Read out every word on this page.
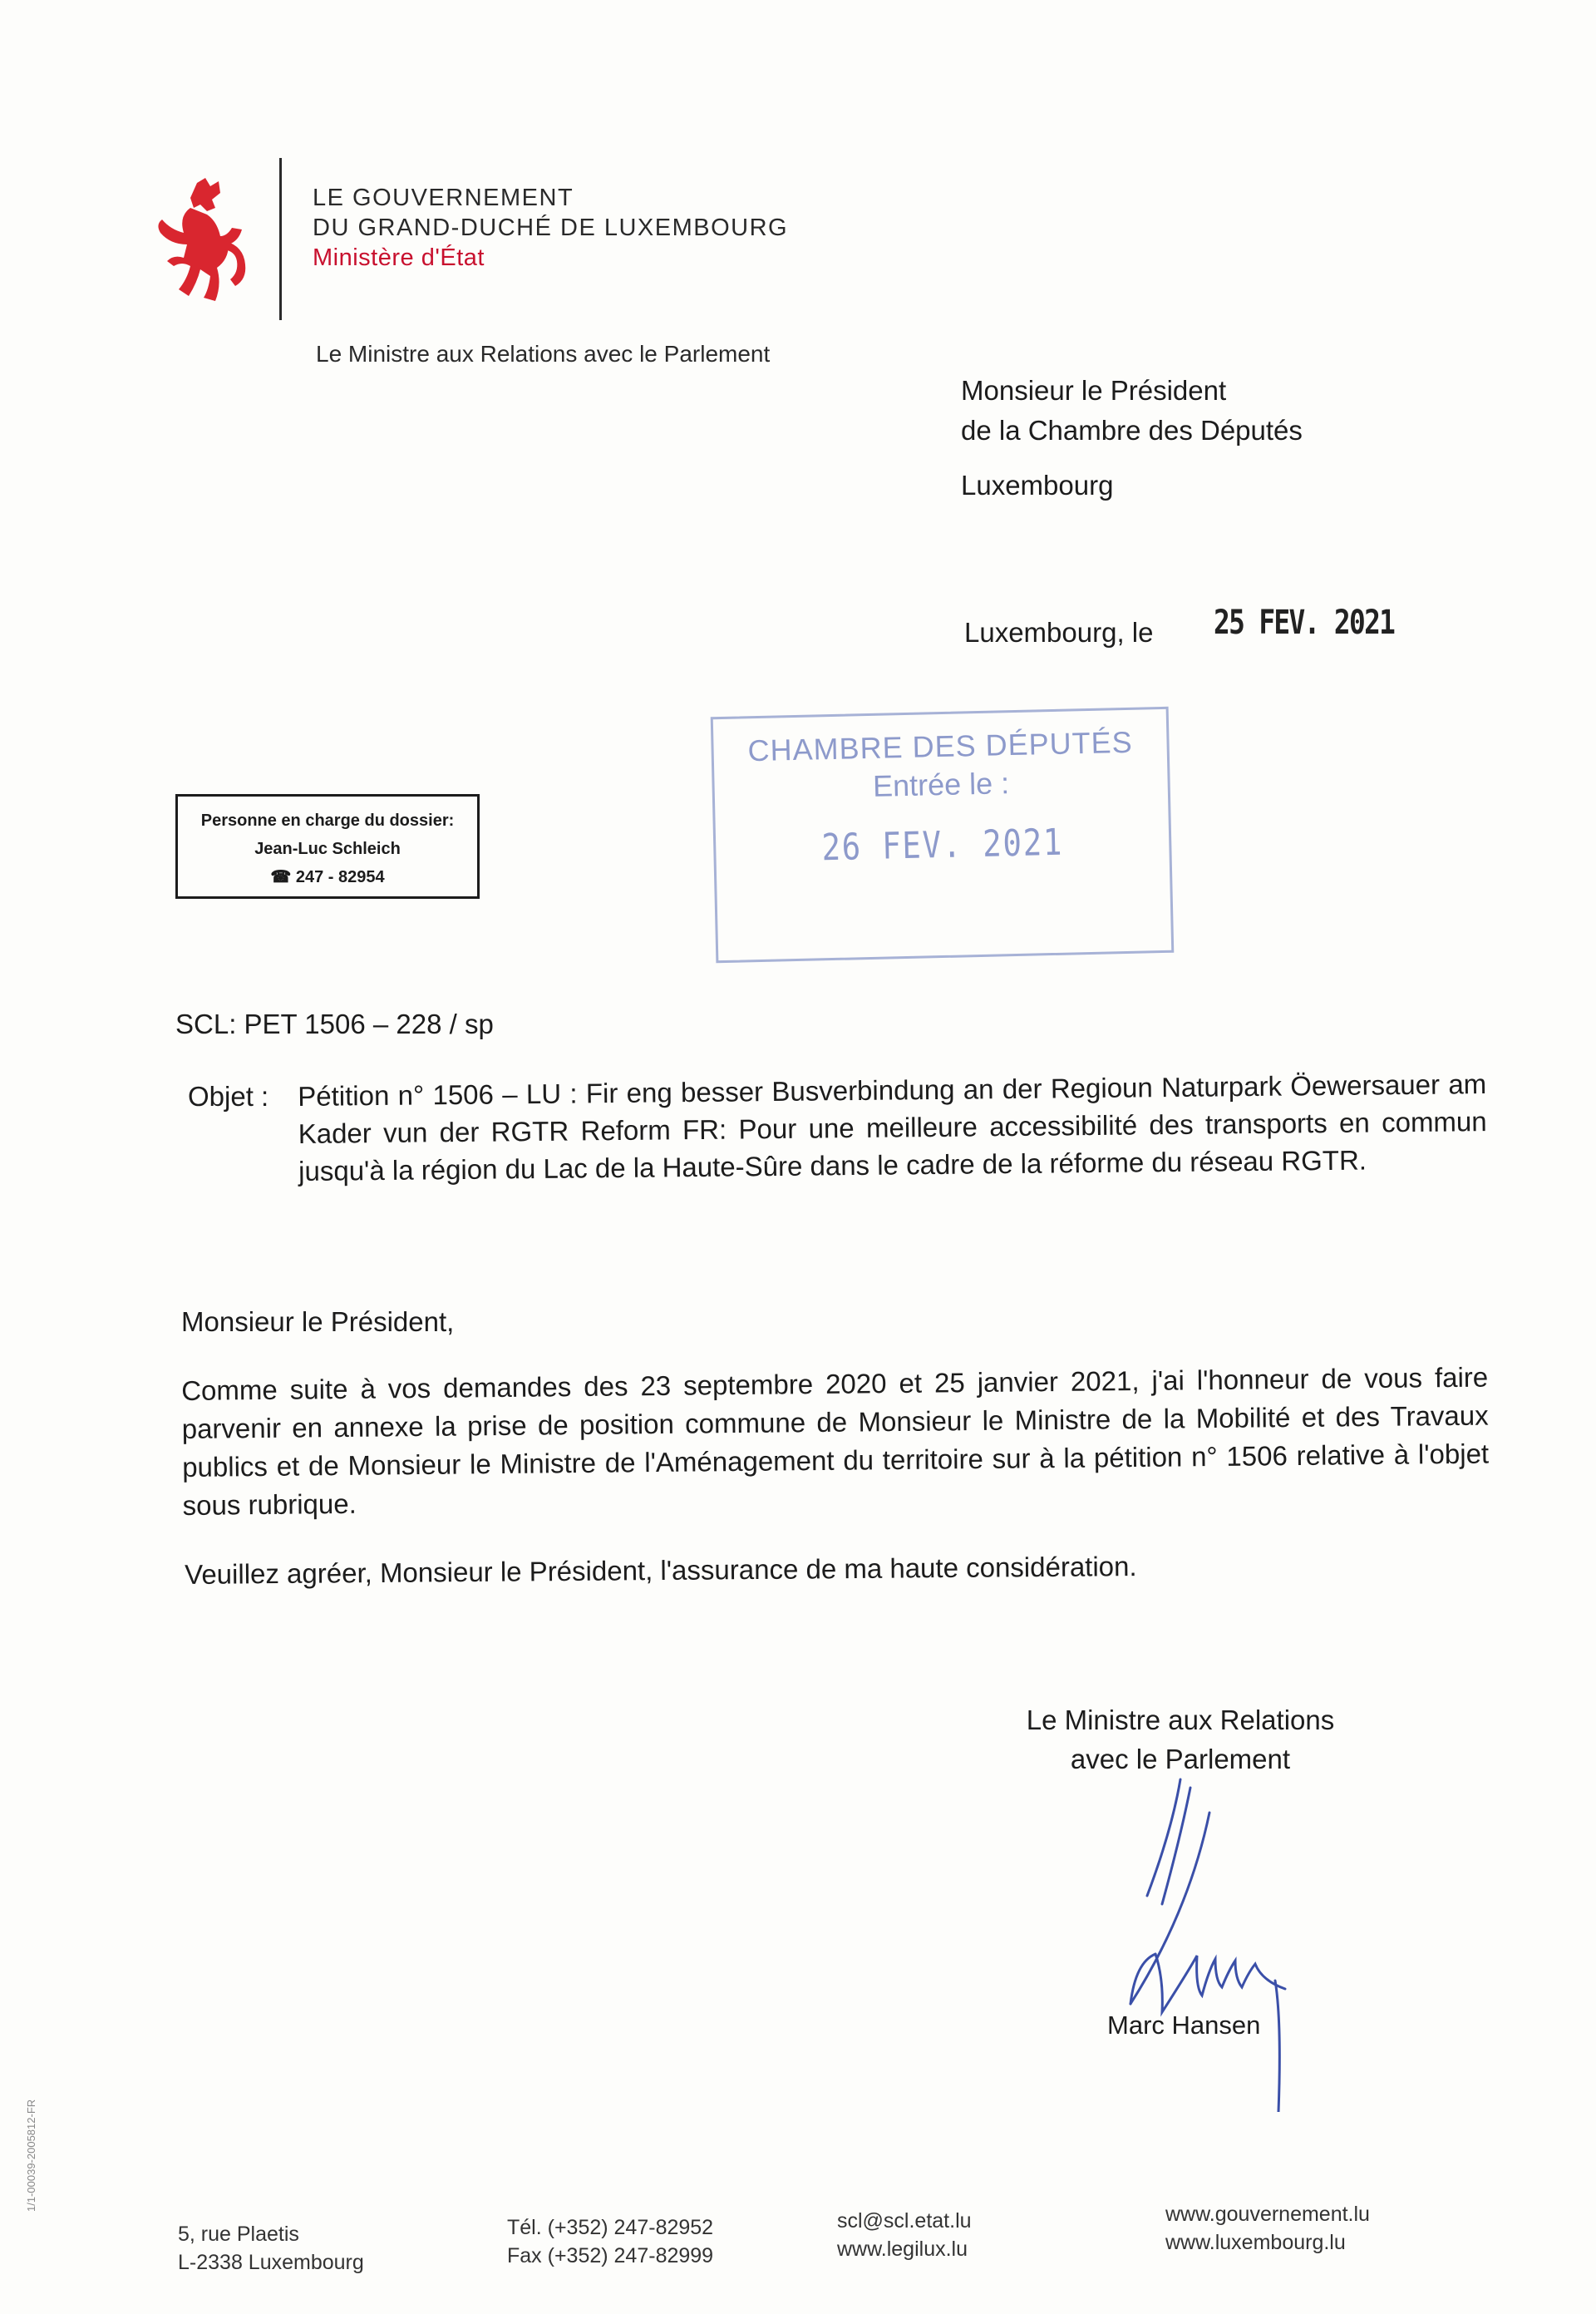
LE GOUVERNEMENT
DU GRAND-DUCHÉ DE LUXEMBOURG
Ministère d'État
Le Ministre aux Relations avec le Parlement
Monsieur le Président
de la Chambre des Députés
Luxembourg
Luxembourg, le 25 FEV. 2021
CHAMBRE DES DÉPUTÉS
Entrée le :
26 FEV. 2021
Personne en charge du dossier:
Jean-Luc Schleich
☎ 247 - 82954
SCL: PET 1506 – 228 / sp
Objet : Pétition n° 1506 – LU : Fir eng besser Busverbindung an der Regioun Naturpark Öewersauer am Kader vun der RGTR Reform FR: Pour une meilleure accessibilité des transports en commun jusqu'à la région du Lac de la Haute-Sûre dans le cadre de la réforme du réseau RGTR.
Monsieur le Président,
Comme suite à vos demandes des 23 septembre 2020 et 25 janvier 2021, j'ai l'honneur de vous faire parvenir en annexe la prise de position commune de Monsieur le Ministre de la Mobilité et des Travaux publics et de Monsieur le Ministre de l'Aménagement du territoire sur à la pétition n° 1506 relative à l'objet sous rubrique.
Veuillez agréer, Monsieur le Président, l'assurance de ma haute considération.
Le Ministre aux Relations
avec le Parlement
Marc Hansen
1/1-00039-2005812-FR
5, rue Plaetis
L-2338 Luxembourg
Tél. (+352) 247-82952
Fax (+352) 247-82999
scl@scl.etat.lu
www.legilux.lu
www.gouvernement.lu
www.luxembourg.lu
